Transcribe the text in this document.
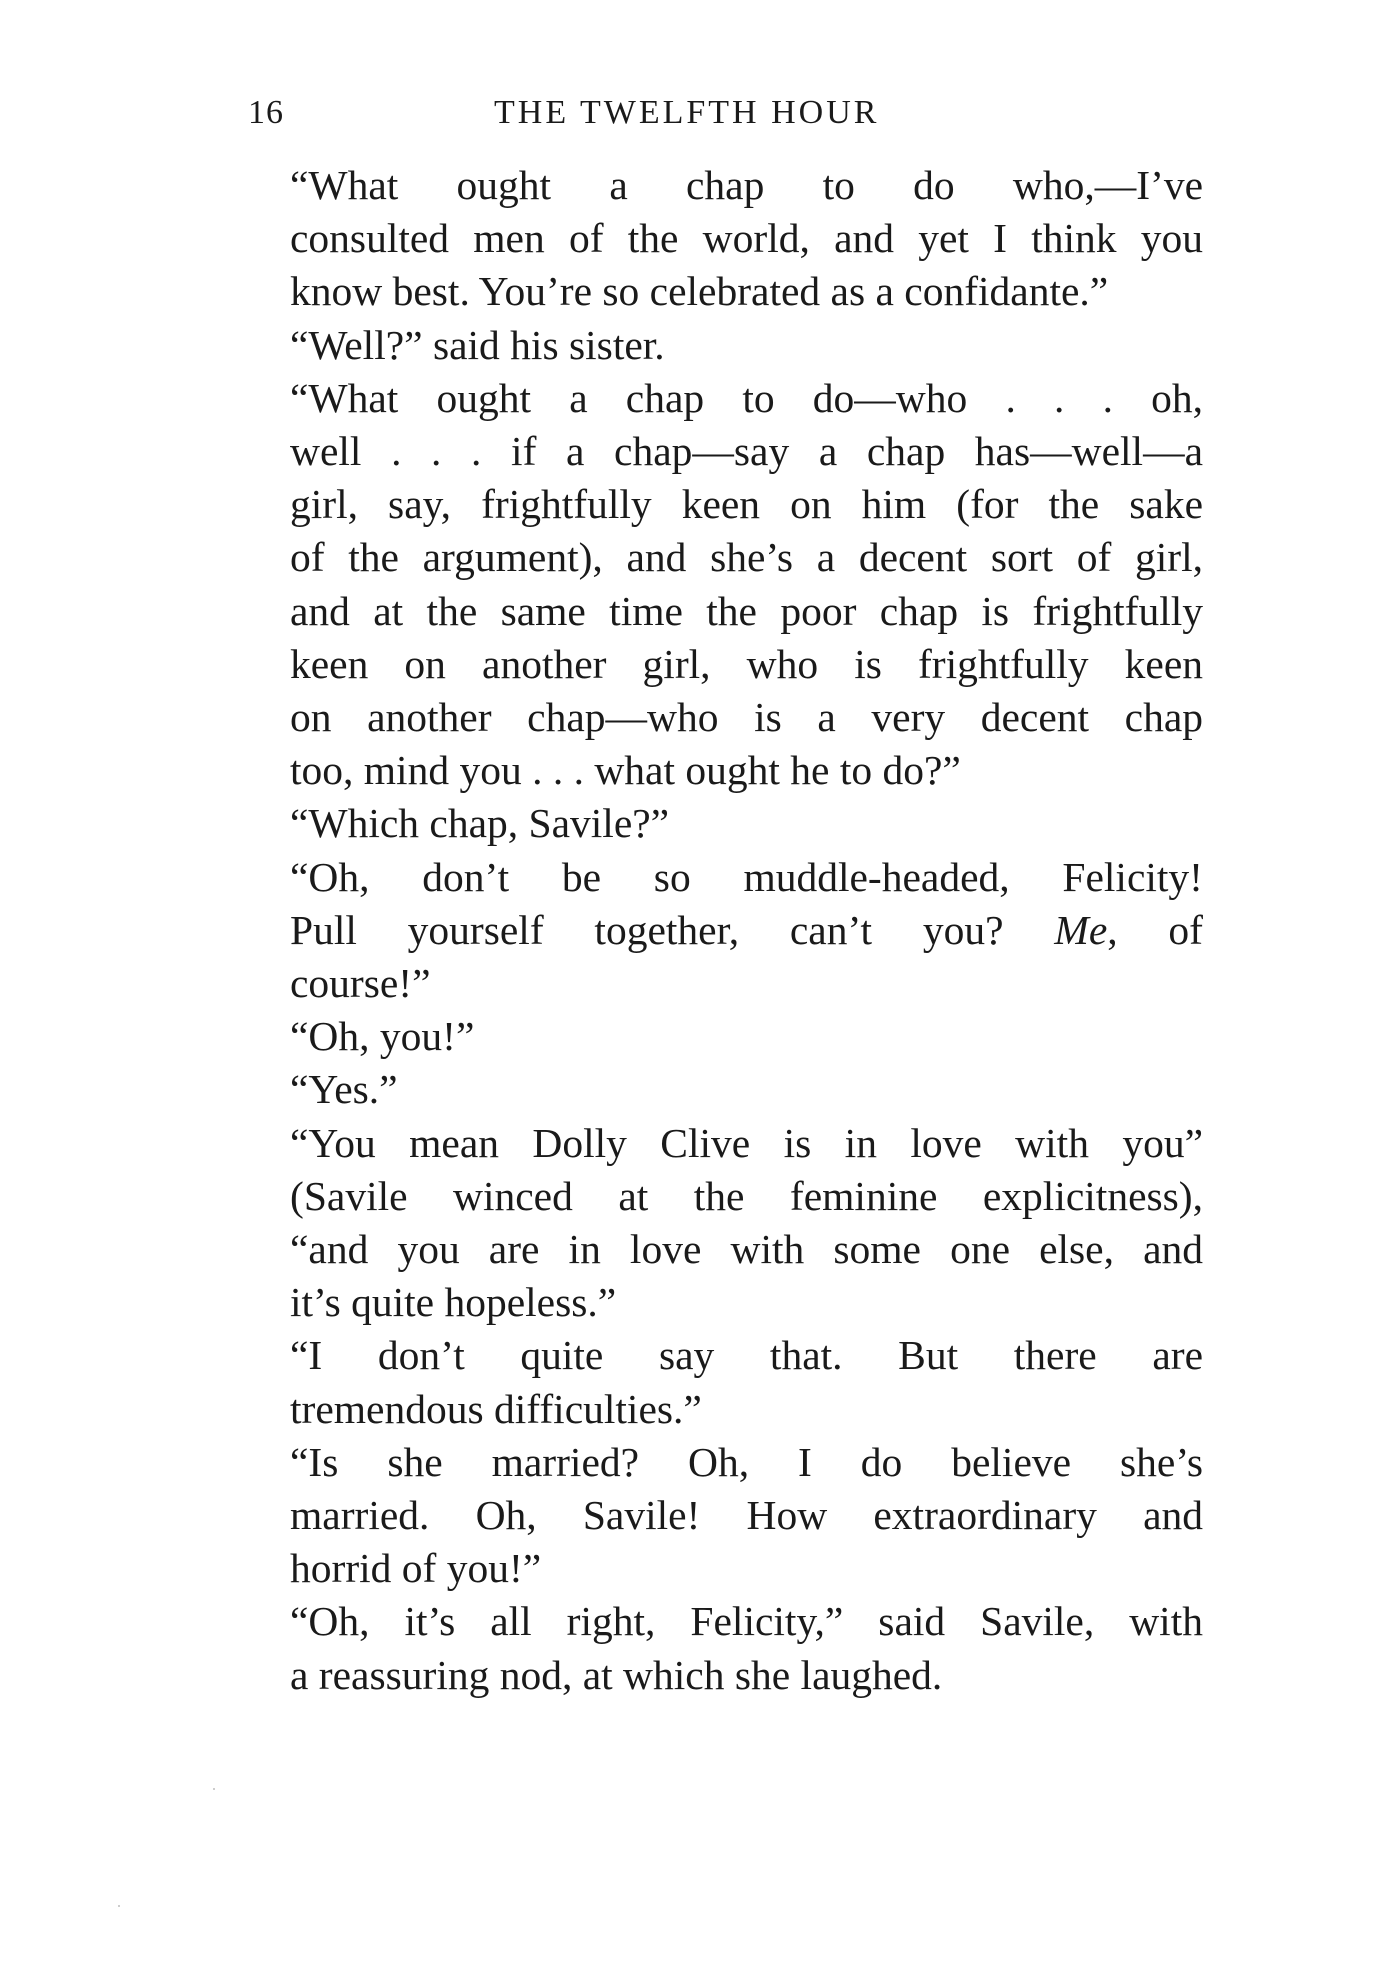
16	THE TWELFTH HOUR

“What ought a chap to do who,—I’ve
consulted men of the world, and yet I think you
know best. You’re so celebrated as a confidante.”

“Well?” said his sister.

“What ought a chap to do—who . . . oh,
well . . . if a chap—say a chap has—well—a
girl, say, frightfully keen on him (for the sake
of the argument), and she’s a decent sort of girl,
and at the same time the poor chap is frightfully
keen on another girl, who is frightfully keen
on another chap—who is a very decent chap
too, mind you . . . what ought he to do?”

“Which chap, Savile?”

“Oh, don’t be so muddle-headed, Felicity!
Pull yourself together, can’t you? Me, of
course!”

“Oh, you!”

“Yes.”

“You mean Dolly Clive is in love with you”
(Savile winced at the feminine explicitness),
“and you are in love with some one else, and
it’s quite hopeless.”

“I don’t quite say that. But there are
tremendous difficulties.”

“Is she married? Oh, I do believe she’s
married. Oh, Savile! How extraordinary and
horrid of you!”

“Oh, it’s all right, Felicity,” said Savile, with
a reassuring nod, at which she laughed.
